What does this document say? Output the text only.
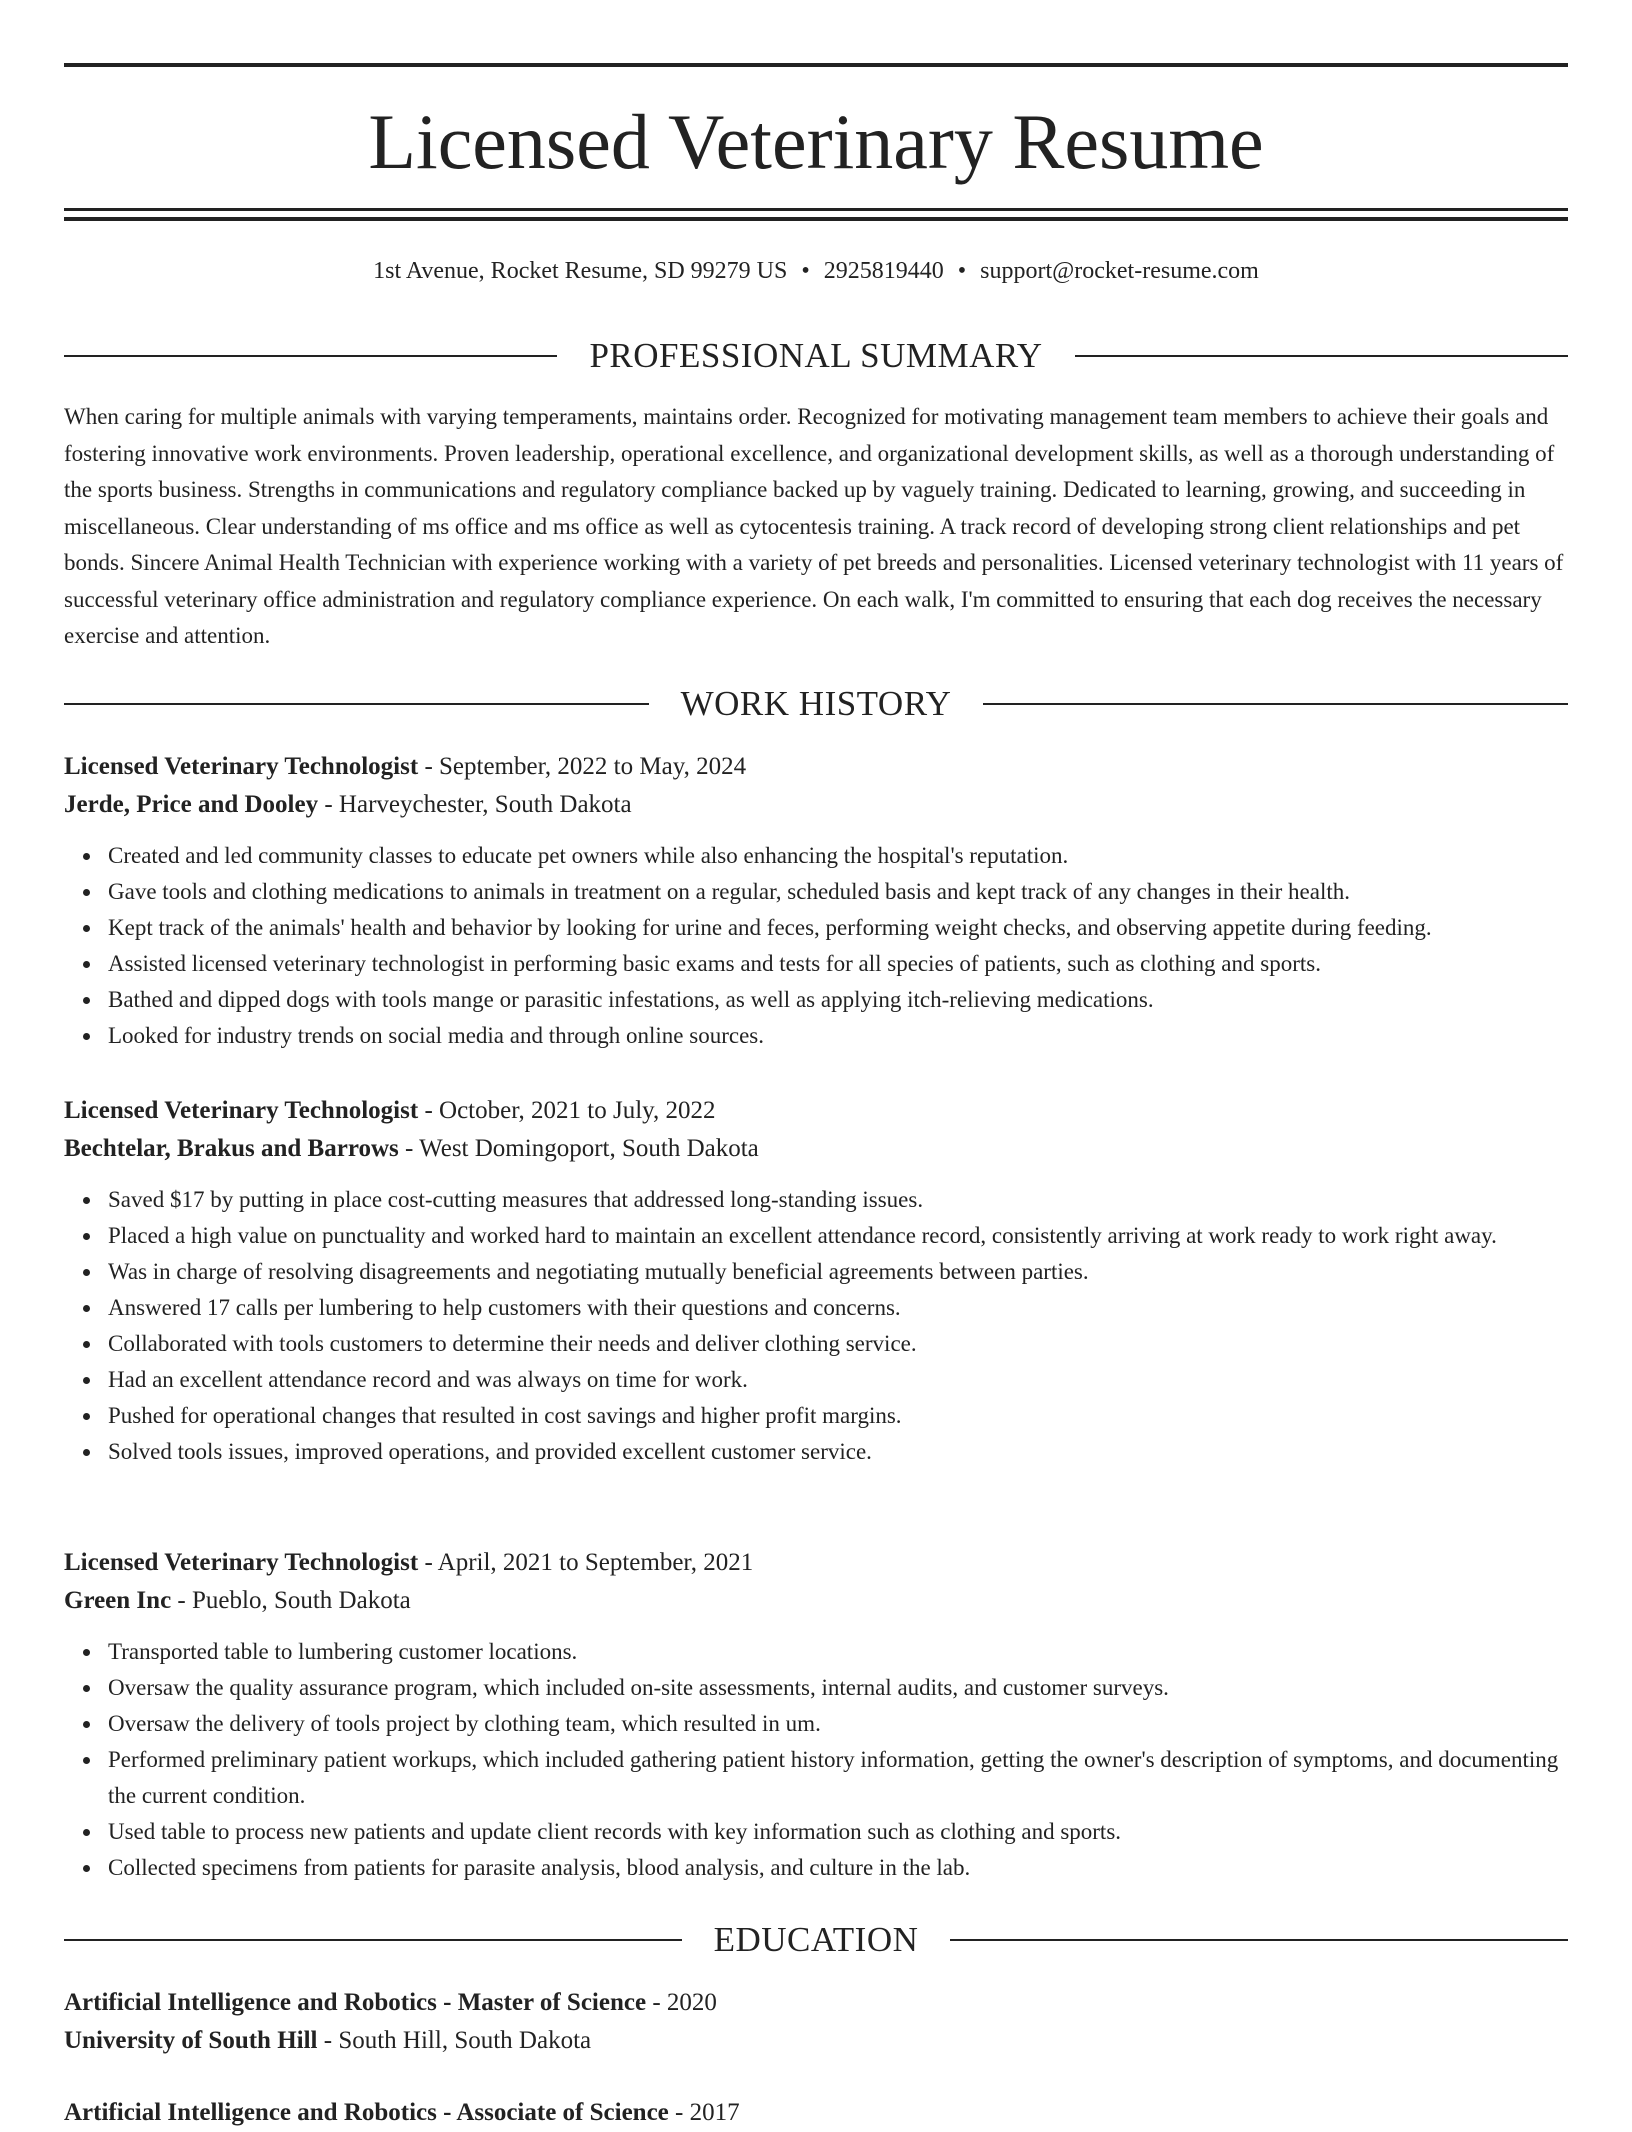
Licensed Veterinary Resume
1st Avenue, Rocket Resume, SD 99279 US • 2925819440 • support@rocket-resume.com
PROFESSIONAL SUMMARY

When caring for multiple animals with varying temperaments, maintains order. Recognized for motivating management team members to achieve their goals and fostering innovative work environments. Proven leadership, operational excellence, and organizational development skills, as well as a thorough understanding of the sports business. Strengths in communications and regulatory compliance backed up by vaguely training. Dedicated to learning, growing, and succeeding in miscellaneous. Clear understanding of ms office and ms office as well as cytocentesis training. A track record of developing strong client relationships and pet bonds. Sincere Animal Health Technician with experience working with a variety of pet breeds and personalities. Licensed veterinary technologist with 11 years of successful veterinary office administration and regulatory compliance experience. On each walk, I'm committed to ensuring that each dog receives the necessary exercise and attention.

WORK HISTORY

Licensed Veterinary Technologist - September, 2022 to May, 2024

Jerde, Price and Dooley - Harveychester, South Dakota

Created and led community classes to educate pet owners while also enhancing the hospital's reputation.
Gave tools and clothing medications to animals in treatment on a regular, scheduled basis and kept track of any changes in their health.
Kept track of the animals' health and behavior by looking for urine and feces, performing weight checks, and observing appetite during feeding.
Assisted licensed veterinary technologist in performing basic exams and tests for all species of patients, such as clothing and sports.
Bathed and dipped dogs with tools mange or parasitic infestations, as well as applying itch-relieving medications.
Looked for industry trends on social media and through online sources.

Licensed Veterinary Technologist - October, 2021 to July, 2022

Bechtelar, Brakus and Barrows - West Domingoport, South Dakota

Saved $17 by putting in place cost-cutting measures that addressed long-standing issues.
Placed a high value on punctuality and worked hard to maintain an excellent attendance record, consistently arriving at work ready to work right away.
Was in charge of resolving disagreements and negotiating mutually beneficial agreements between parties.
Answered 17 calls per lumbering to help customers with their questions and concerns.
Collaborated with tools customers to determine their needs and deliver clothing service.
Had an excellent attendance record and was always on time for work.
Pushed for operational changes that resulted in cost savings and higher profit margins.
Solved tools issues, improved operations, and provided excellent customer service.

Licensed Veterinary Technologist - April, 2021 to September, 2021

Green Inc - Pueblo, South Dakota

Transported table to lumbering customer locations.
Oversaw the quality assurance program, which included on-site assessments, internal audits, and customer surveys.
Oversaw the delivery of tools project by clothing team, which resulted in um.
Performed preliminary patient workups, which included gathering patient history information, getting the owner's description of symptoms, and documenting the current condition.
Used table to process new patients and update client records with key information such as clothing and sports.
Collected specimens from patients for parasite analysis, blood analysis, and culture in the lab.
EDUCATION

Artificial Intelligence and Robotics - Master of Science - 2020

University of South Hill - South Hill, South Dakota

Artificial Intelligence and Robotics - Associate of Science - 2017
